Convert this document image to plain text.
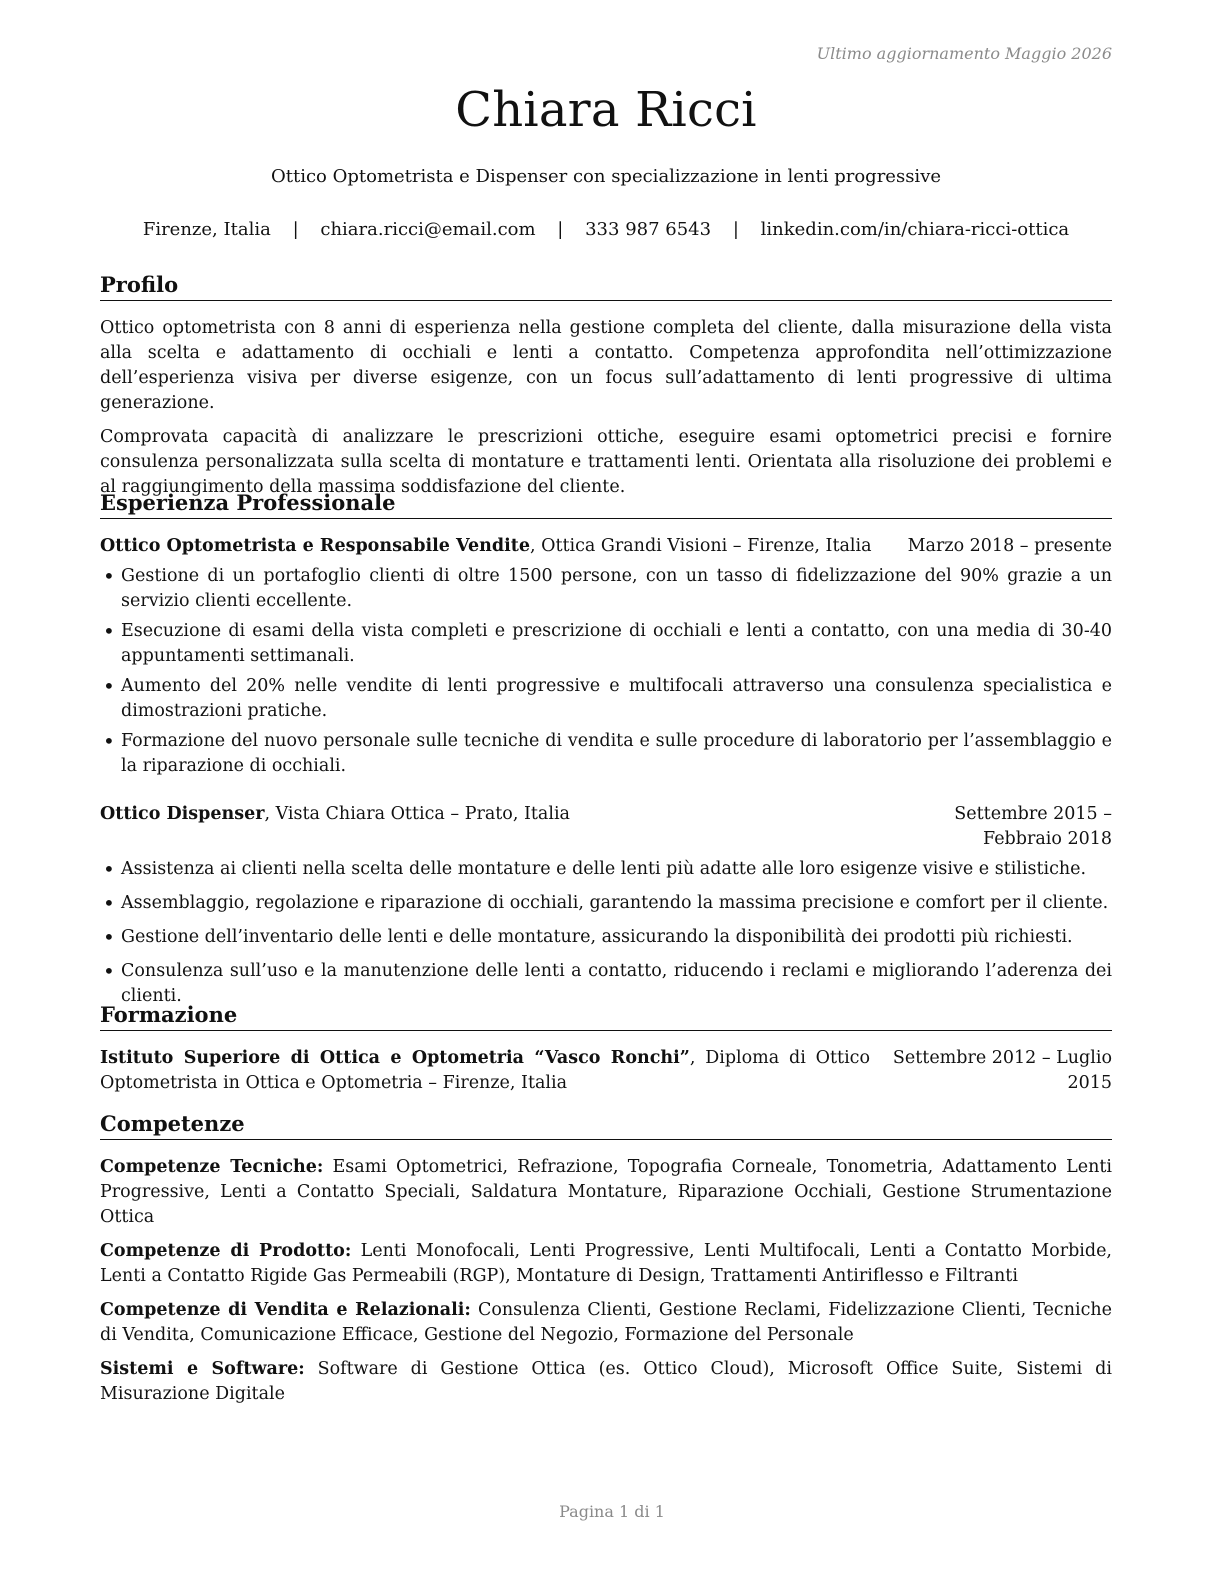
Ultimo aggiornamento Maggio 2026
Chiara Ricci
Ottico Optometrista e Dispenser con specializzazione in lenti progressive
Firenze, Italia | chiara.ricci@email.com | 333 987 6543 | linkedin.com/in/chiara-ricci-ottica
Profilo

Ottico optometrista con 8 anni di esperienza nella gestione completa del cliente, dalla misurazione della vista alla scelta e adattamento di occhiali e lenti a contatto. Competenza approfondita nell’ottimizzazione dell’esperienza visiva per diverse esigenze, con un focus sull’adattamento di lenti progressive di ultima generazione.

Comprovata capacità di analizzare le prescrizioni ottiche, eseguire esami optometrici precisi e fornire consulenza personalizzata sulla scelta di montature e trattamenti lenti. Orientata alla risoluzione dei problemi e al raggiungimento della massima soddisfazione del cliente.

Esperienza Professionale
Ottico Optometrista e Responsabile Vendite, Ottica Grandi Visioni – Firenze, Italia Marzo 2018 – presente
• Gestione di un portafoglio clienti di oltre 1500 persone, con un tasso di fidelizzazione del 90% grazie a un servizio clienti eccellente.
• Esecuzione di esami della vista completi e prescrizione di occhiali e lenti a contatto, con una media di 30-40 appuntamenti settimanali.
• Aumento del 20% nelle vendite di lenti progressive e multifocali attraverso una consulenza specialistica e dimostrazioni pratiche.
• Formazione del nuovo personale sulle tecniche di vendita e sulle procedure di laboratorio per l’assemblaggio e la riparazione di occhiali.
Ottico Dispenser, Vista Chiara Ottica – Prato, Italia	Settembre 2015 – Febbraio 2018
• Assistenza ai clienti nella scelta delle montature e delle lenti più adatte alle loro esigenze visive e stilistiche.
• Assemblaggio, regolazione e riparazione di occhiali, garantendo la massima precisione e comfort per il cliente.
• Gestione dell’inventario delle lenti e delle montature, assicurando la disponibilità dei prodotti più richiesti.
• Consulenza sull’uso e la manutenzione delle lenti a contatto, riducendo i reclami e migliorando l’aderenza dei clienti.
Formazione
Istituto Superiore di Ottica e Optometria “Vasco Ronchi”, Diploma di Ottico Optometrista in Ottica e Optometria – Firenze, Italia
Settembre 2012 – Luglio 2015
Competenze

Competenze Tecniche: Esami Optometrici, Refrazione, Topografia Corneale, Tonometria, Adattamento Lenti Progressive, Lenti a Contatto Speciali, Saldatura Montature, Riparazione Occhiali, Gestione Strumentazione Ottica

Competenze di Prodotto: Lenti Monofocali, Lenti Progressive, Lenti Multifocali, Lenti a Contatto Morbide, Lenti a Contatto Rigide Gas Permeabili (RGP), Montature di Design, Trattamenti Antiriflesso e Filtranti

Competenze di Vendita e Relazionali: Consulenza Clienti, Gestione Reclami, Fidelizzazione Clienti, Tecniche di Vendita, Comunicazione Efficace, Gestione del Negozio, Formazione del Personale

Sistemi e Software: Software di Gestione Ottica (es. Ottico Cloud), Microsoft Office Suite, Sistemi di Misurazione Digitale

Pagina 1 di 1
